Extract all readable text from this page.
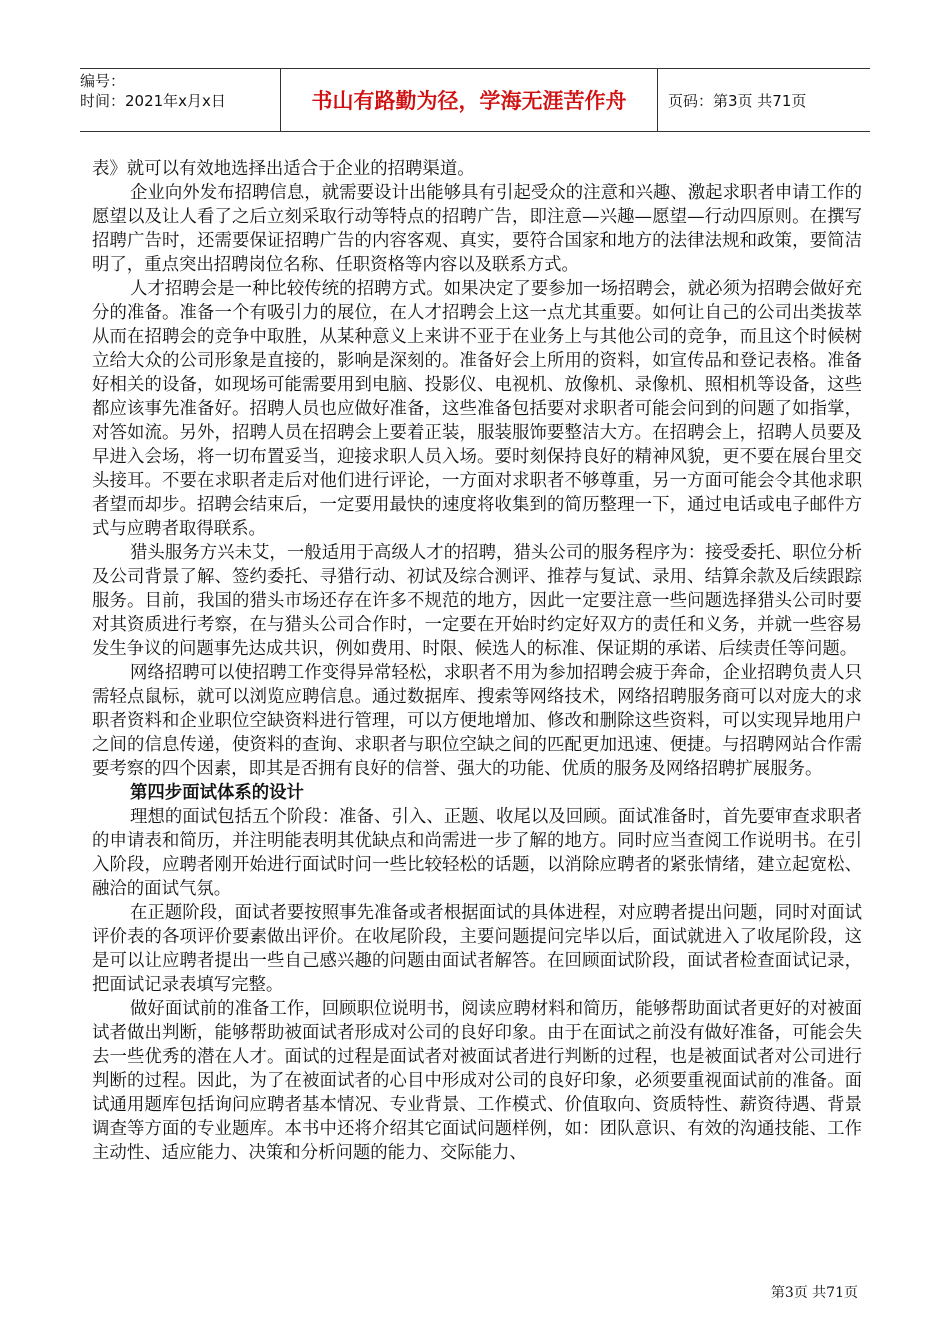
编号：
时间：2021年x月x日	书山有路勤为径，学海无涯苦作舟	页码：第3页 共71页

表》就可以有效地选择出适合于企业的招聘渠道。

企业向外发布招聘信息，就需要设计出能够具有引起受众的注意和兴趣、激起求职者申请工作的愿望以及让人看了之后立刻采取行动等特点的招聘广告，即注意—兴趣—愿望—行动四原则。在撰写招聘广告时，还需要保证招聘广告的内容客观、真实，要符合国家和地方的法律法规和政策，要简洁明了，重点突出招聘岗位名称、任职资格等内容以及联系方式。

人才招聘会是一种比较传统的招聘方式。如果决定了要参加一场招聘会，就必须为招聘会做好充分的准备。准备一个有吸引力的展位，在人才招聘会上这一点尤其重要。如何让自己的公司出类拔萃从而在招聘会的竞争中取胜，从某种意义上来讲不亚于在业务上与其他公司的竞争，而且这个时候树立给大众的公司形象是直接的，影响是深刻的。准备好会上所用的资料，如宣传品和登记表格。准备好相关的设备，如现场可能需要用到电脑、投影仪、电视机、放像机、录像机、照相机等设备，这些都应该事先准备好。招聘人员也应做好准备，这些准备包括要对求职者可能会问到的问题了如指掌，对答如流。另外，招聘人员在招聘会上要着正装，服装服饰要整洁大方。在招聘会上，招聘人员要及早进入会场，将一切布置妥当，迎接求职人员入场。要时刻保持良好的精神风貌，更不要在展台里交头接耳。不要在求职者走后对他们进行评论，一方面对求职者不够尊重，另一方面可能会令其他求职者望而却步。招聘会结束后，一定要用最快的速度将收集到的简历整理一下，通过电话或电子邮件方式与应聘者取得联系。

猎头服务方兴未艾，一般适用于高级人才的招聘，猎头公司的服务程序为：接受委托、职位分析及公司背景了解、签约委托、寻猎行动、初试及综合测评、推荐与复试、录用、结算余款及后续跟踪服务。目前，我国的猎头市场还存在许多不规范的地方，因此一定要注意一些问题选择猎头公司时要对其资质进行考察，在与猎头公司合作时，一定要在开始时约定好双方的责任和义务，并就一些容易发生争议的问题事先达成共识，例如费用、时限、候选人的标准、保证期的承诺、后续责任等问题。

网络招聘可以使招聘工作变得异常轻松，求职者不用为参加招聘会疲于奔命，企业招聘负责人只需轻点鼠标，就可以浏览应聘信息。通过数据库、搜索等网络技术，网络招聘服务商可以对庞大的求职者资料和企业职位空缺资料进行管理，可以方便地增加、修改和删除这些资料，可以实现异地用户之间的信息传递，使资料的查询、求职者与职位空缺之间的匹配更加迅速、便捷。与招聘网站合作需要考察的四个因素，即其是否拥有良好的信誉、强大的功能、优质的服务及网络招聘扩展服务。

第四步面试体系的设计

理想的面试包括五个阶段：准备、引入、正题、收尾以及回顾。面试准备时，首先要审查求职者的申请表和简历，并注明能表明其优缺点和尚需进一步了解的地方。同时应当查阅工作说明书。在引入阶段，应聘者刚开始进行面试时问一些比较轻松的话题，以消除应聘者的紧张情绪，建立起宽松、融洽的面试气氛。

在正题阶段，面试者要按照事先准备或者根据面试的具体进程，对应聘者提出问题，同时对面试评价表的各项评价要素做出评价。在收尾阶段，主要问题提问完毕以后，面试就进入了收尾阶段，这是可以让应聘者提出一些自己感兴趣的问题由面试者解答。在回顾面试阶段，面试者检查面试记录，把面试记录表填写完整。

做好面试前的准备工作，回顾职位说明书，阅读应聘材料和简历，能够帮助面试者更好的对被面试者做出判断，能够帮助被面试者形成对公司的良好印象。由于在面试之前没有做好准备，可能会失去一些优秀的潜在人才。面试的过程是面试者对被面试者进行判断的过程，也是被面试者对公司进行判断的过程。因此，为了在被面试者的心目中形成对公司的良好印象，必须要重视面试前的准备。面试通用题库包括询问应聘者基本情况、专业背景、工作模式、价值取向、资质特性、薪资待遇、背景调查等方面的专业题库。本书中还将介绍其它面试问题样例，如：团队意识、有效的沟通技能、工作主动性、适应能力、决策和分析问题的能力、交际能力、

第3页 共71页
